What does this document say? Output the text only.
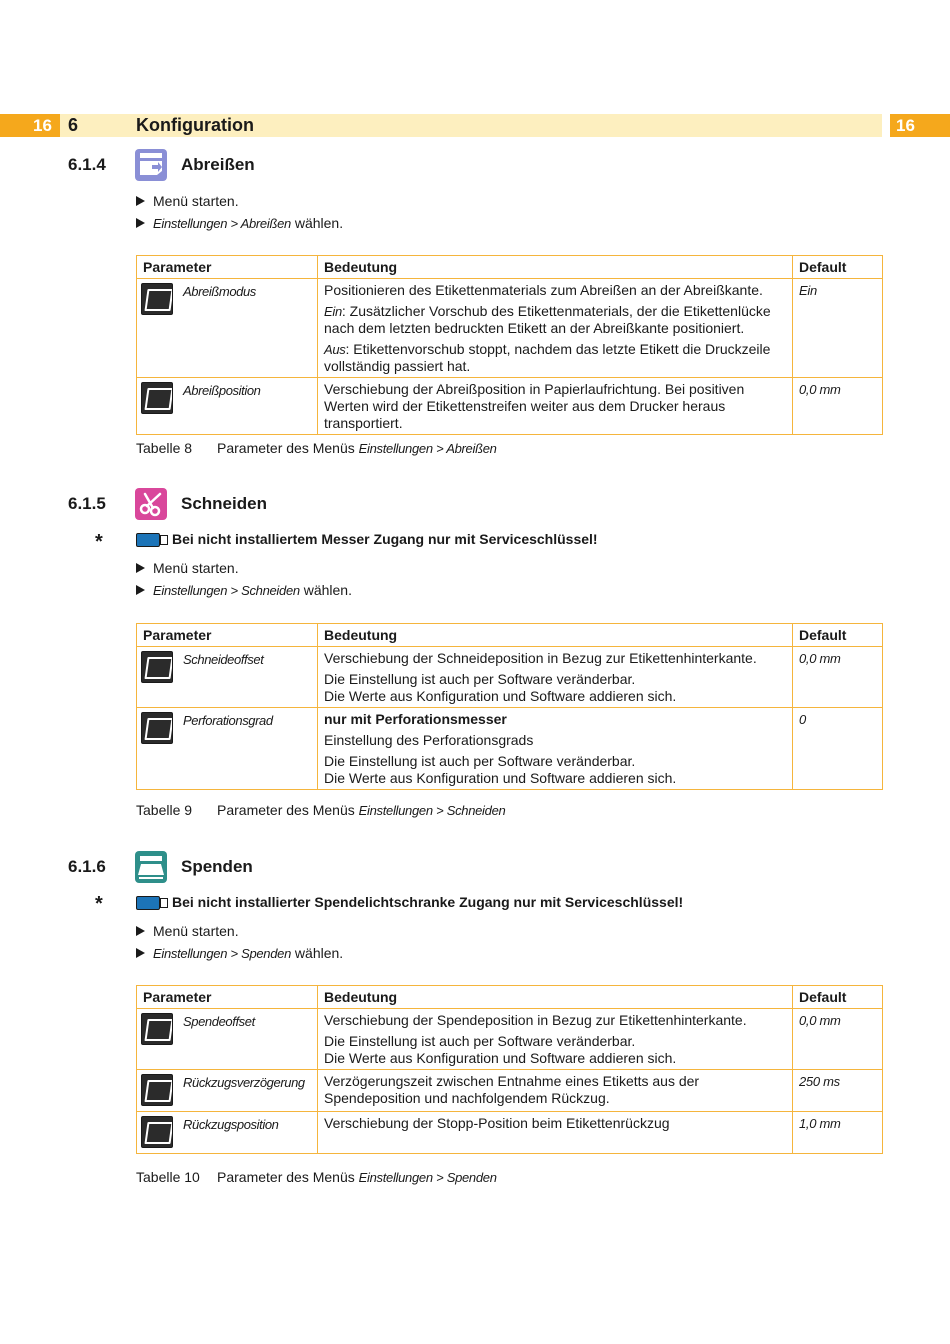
16 6	Konfiguration	16
6.1.4	Abreißen
Menü starten.
Einstellungen > Abreißen wählen.
Parameter	Bedeutung	Default
Abreißmodus	Positionieren des Etikettenmaterials zum Abreißen an der Abreißkante.
Ein: Zusätzlicher Vorschub des Etikettenmaterials, der die Etikettenlücke nach dem letzten bedruckten Etikett an der Abreißkante positioniert.
Aus: Etikettenvorschub stoppt, nachdem das letzte Etikett die Druckzeile vollständig passiert hat.	Ein
Abreißposition	Verschiebung der Abreißposition in Papierlaufrichtung. Bei positiven Werten wird der Etikettenstreifen weiter aus dem Drucker heraus transportiert.	0,0 mm
Tabelle 8 Parameter des Menüs Einstellungen > Abreißen
6.1.5	Schneiden
*	Bei nicht installiertem Messer Zugang nur mit Serviceschlüssel!
Menü starten.
Einstellungen > Schneiden wählen.
Parameter	Bedeutung	Default
Schneideoffset	Verschiebung der Schneideposition in Bezug zur Etikettenhinterkante.
Die Einstellung ist auch per Software veränderbar.
Die Werte aus Konfiguration und Software addieren sich.	0,0 mm
Perforationsgrad	nur mit Perforationsmesser
Einstellung des Perforationsgrads
Die Einstellung ist auch per Software veränderbar.
Die Werte aus Konfiguration und Software addieren sich.	0
Tabelle 9 Parameter des Menüs Einstellungen > Schneiden
6.1.6	Spenden
*	Bei nicht installierter Spendelichtschranke Zugang nur mit Serviceschlüssel!
Menü starten.
Einstellungen > Spenden wählen.
Parameter	Bedeutung	Default
Spendeoffset	Verschiebung der Spendeposition in Bezug zur Etikettenhinterkante.
Die Einstellung ist auch per Software veränderbar.
Die Werte aus Konfiguration und Software addieren sich.	0,0 mm
Rückzugsverzögerung	Verzögerungszeit zwischen Entnahme eines Etiketts aus der Spendeposition und nachfolgendem Rückzug.	250 ms
Rückzugsposition	Verschiebung der Stopp-Position beim Etikettenrückzug	1,0 mm
Tabelle 10 Parameter des Menüs Einstellungen > Spenden
